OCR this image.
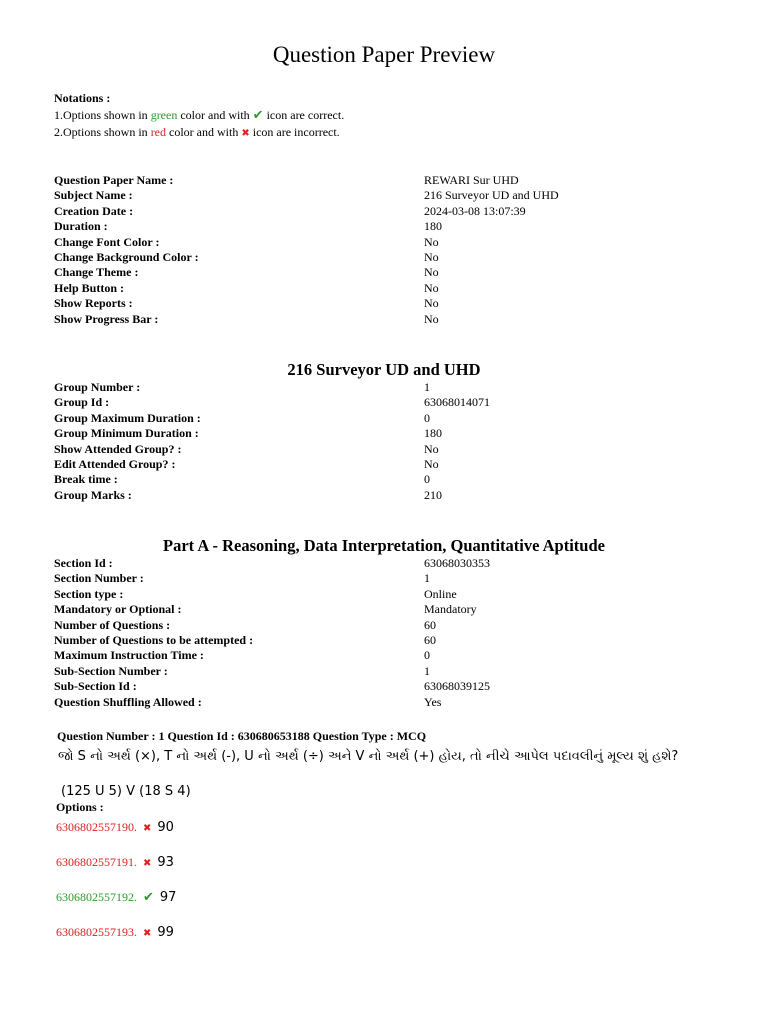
Question Paper Preview
Notations :
1.Options shown in green color and with ✔ icon are correct.
2.Options shown in red color and with ✖ icon are incorrect.
Question Paper Name :	REWARI Sur UHD
Subject Name :	216 Surveyor UD and UHD
Creation Date :	2024-03-08 13:07:39
Duration :	180
Change Font Color :	No
Change Background Color :	No
Change Theme :	No
Help Button :	No
Show Reports :	No
Show Progress Bar :	No
216 Surveyor UD and UHD
Group Number :	1
Group Id :	63068014071
Group Maximum Duration :	0
Group Minimum Duration :	180
Show Attended Group? :	No
Edit Attended Group? :	No
Break time :	0
Group Marks :	210
Part A - Reasoning, Data Interpretation, Quantitative Aptitude
Section Id :	63068030353
Section Number :	1
Section type :	Online
Mandatory or Optional :	Mandatory
Number of Questions :	60
Number of Questions to be attempted :	60
Maximum Instruction Time :	0
Sub-Section Number :	1
Sub-Section Id :	63068039125
Question Shuffling Allowed :	Yes
Question Number : 1 Question Id : 630680653188 Question Type : MCQ
જો S નો અર્થ (×), T નો અર્થ (-), U નો અર્થ (÷) અને V નો અર્થ (+) હોય, તો નીચે આપેલ પદાવલીનું મૂલ્ય શું હશે?
(125 U 5) V (18 S 4)
Options :
6306802557190. ✖ 90
6306802557191. ✖ 93
6306802557192. ✔ 97
6306802557193. ✖ 99
